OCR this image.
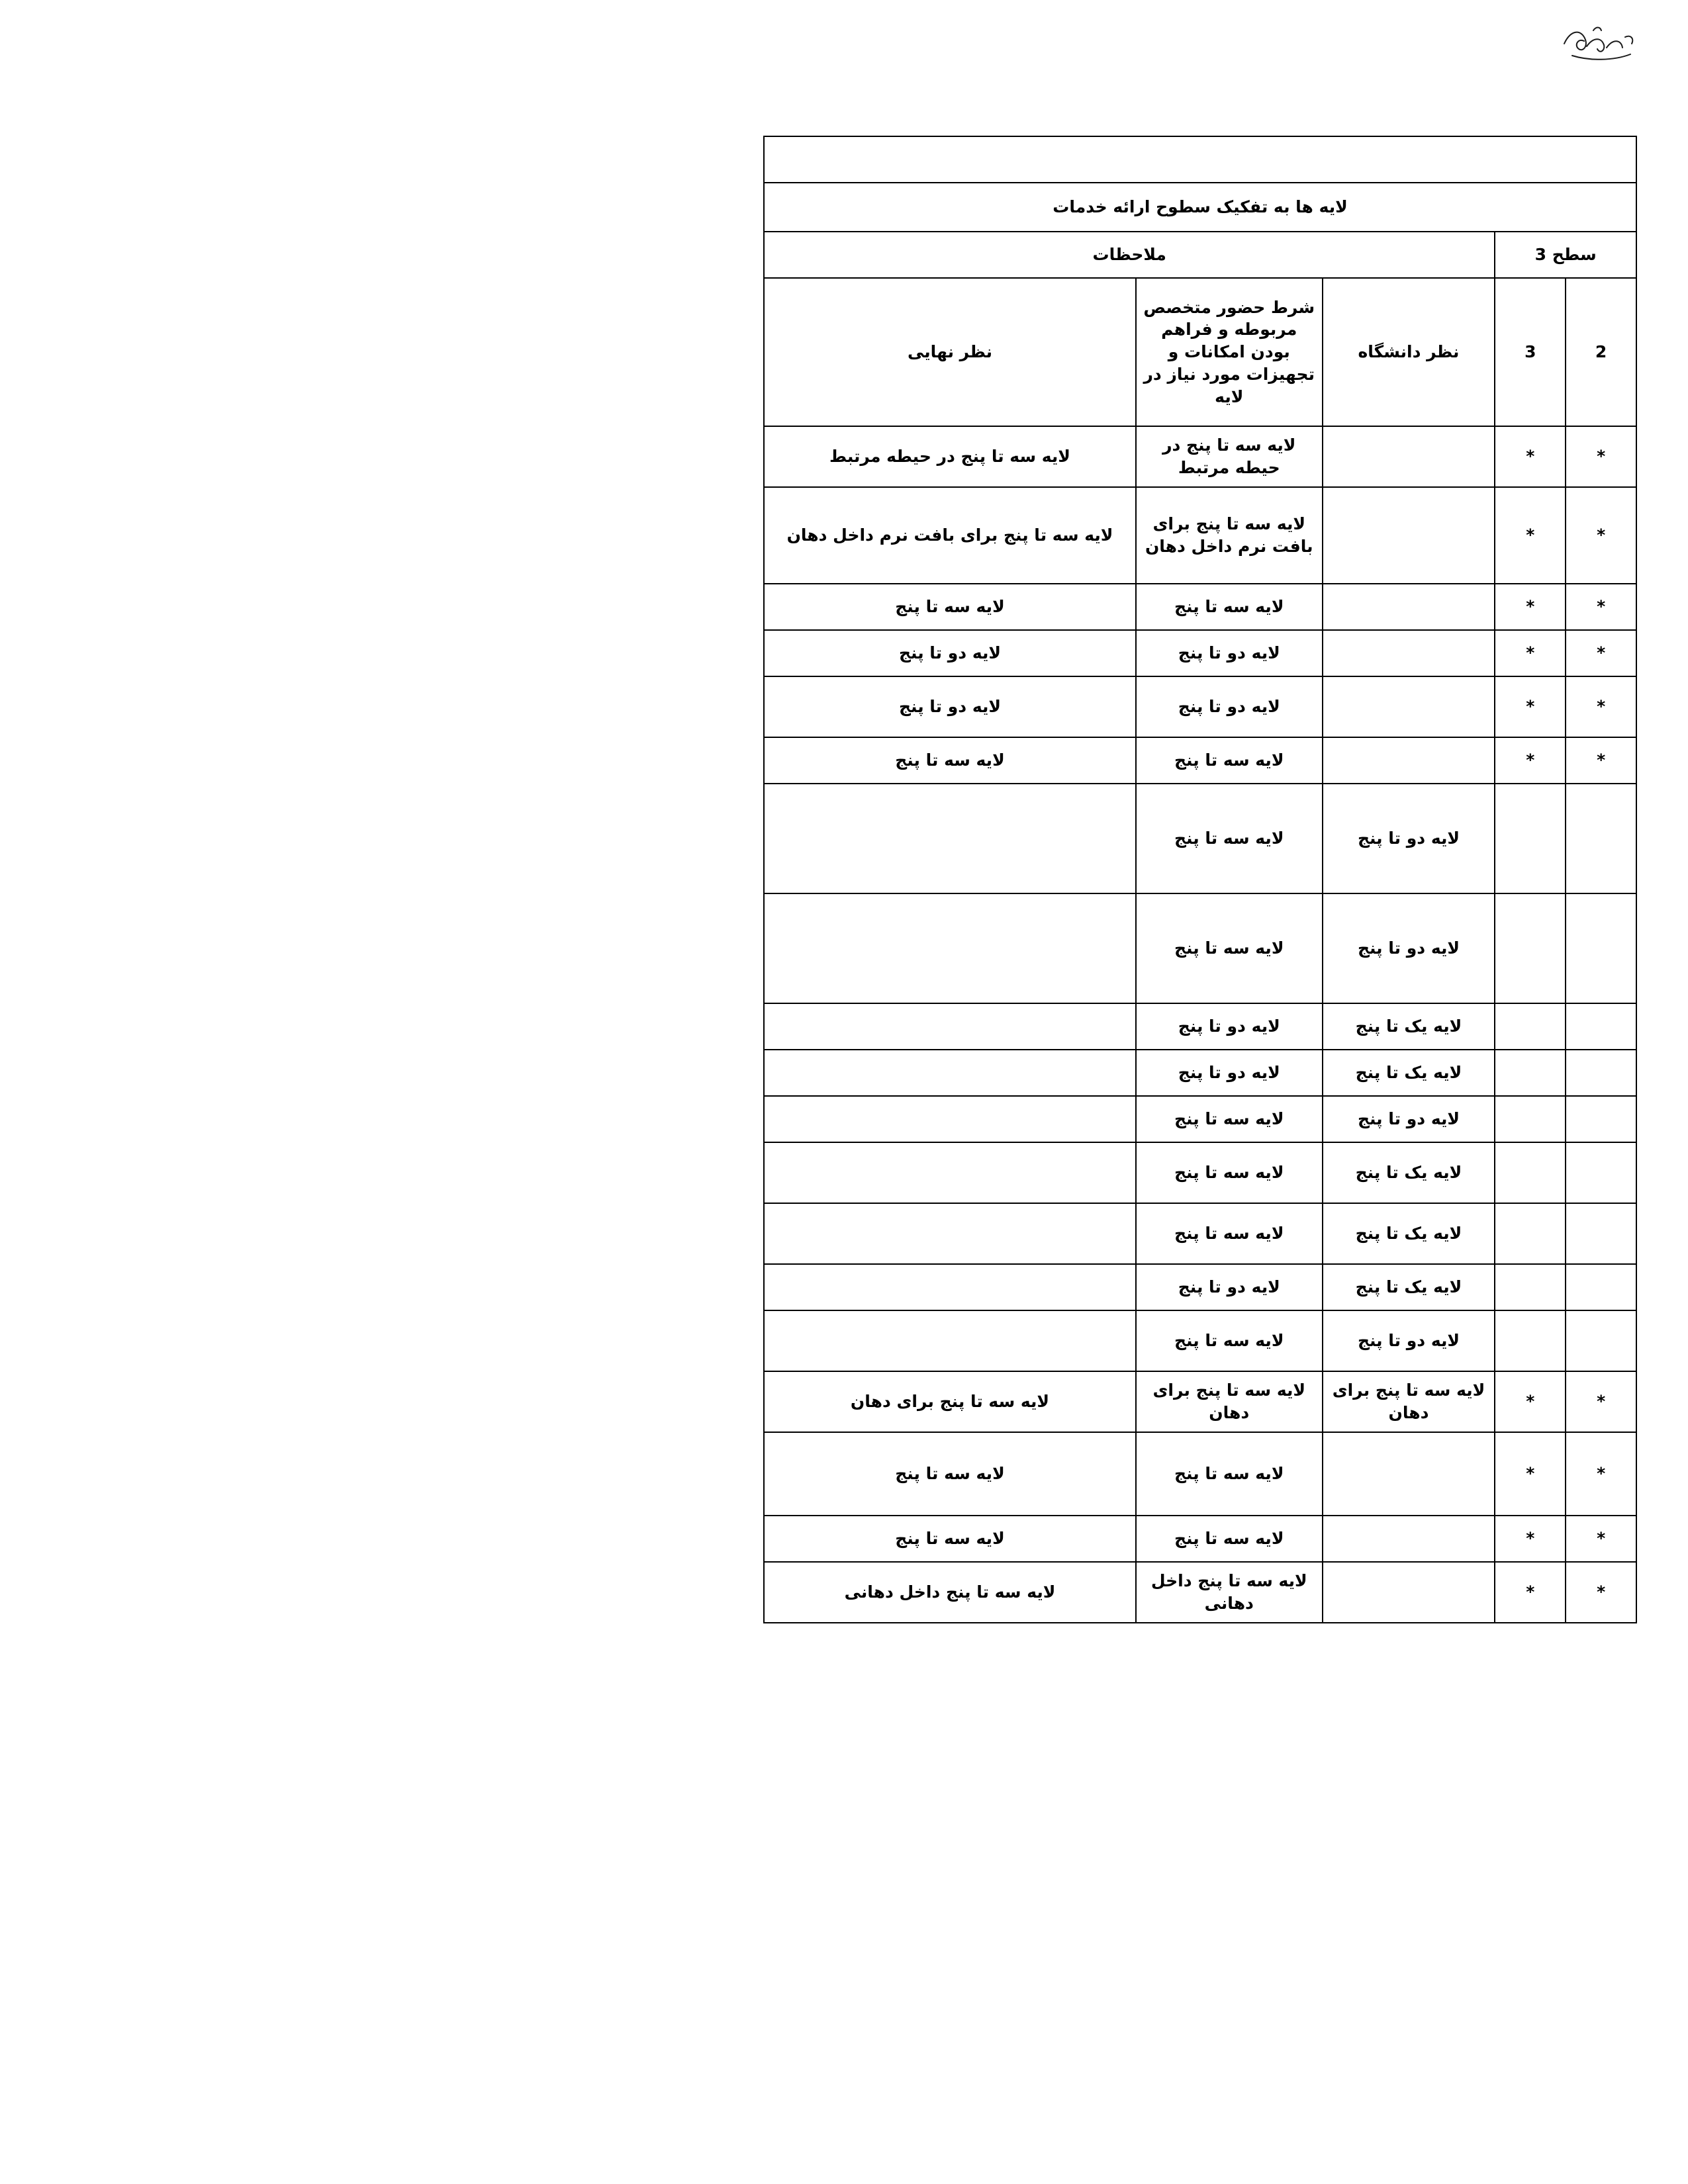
لایه ها به تفکیک سطوح ارائه خدمات				
سطح 3		ملاحظات		
2	3	نظر دانشگاه	شرط حضور متخصص مربوطه و فراهم بودن امکانات و تجهیزات مورد نیاز در لایه	نظر نهایی
*	*		لایه سه تا پنج در حیطه مرتبط	لایه سه تا پنج در حیطه مرتبط
*	*		لایه سه تا پنج برای بافت نرم داخل دهان	لایه سه تا پنج برای بافت نرم داخل دهان
*	*		لایه سه تا پنج	لایه سه تا پنج
*	*		لایه دو تا پنج	لایه دو تا پنج
*	*		لایه دو تا پنج	لایه دو تا پنج
*	*		لایه سه تا پنج	لایه سه تا پنج
		لایه دو تا پنج	لایه سه تا پنج	
		لایه دو تا پنج	لایه سه تا پنج	
		لایه یک تا پنج	لایه دو تا پنج	
		لایه یک تا پنج	لایه دو تا پنج	
		لایه دو تا پنج	لایه سه تا پنج	
		لایه یک تا پنج	لایه سه تا پنج	
		لایه یک تا پنج	لایه سه تا پنج	
		لایه یک تا پنج	لایه دو تا پنج	
		لایه دو تا پنج	لایه سه تا پنج	
*	*	لایه سه تا پنج برای دهان	لایه سه تا پنج برای دهان	لایه سه تا پنج برای دهان
*	*		لایه سه تا پنج	لایه سه تا پنج
*	*		لایه سه تا پنج	لایه سه تا پنج
*	*		لایه سه تا پنج داخل دهانی	لایه سه تا پنج داخل دهانی
